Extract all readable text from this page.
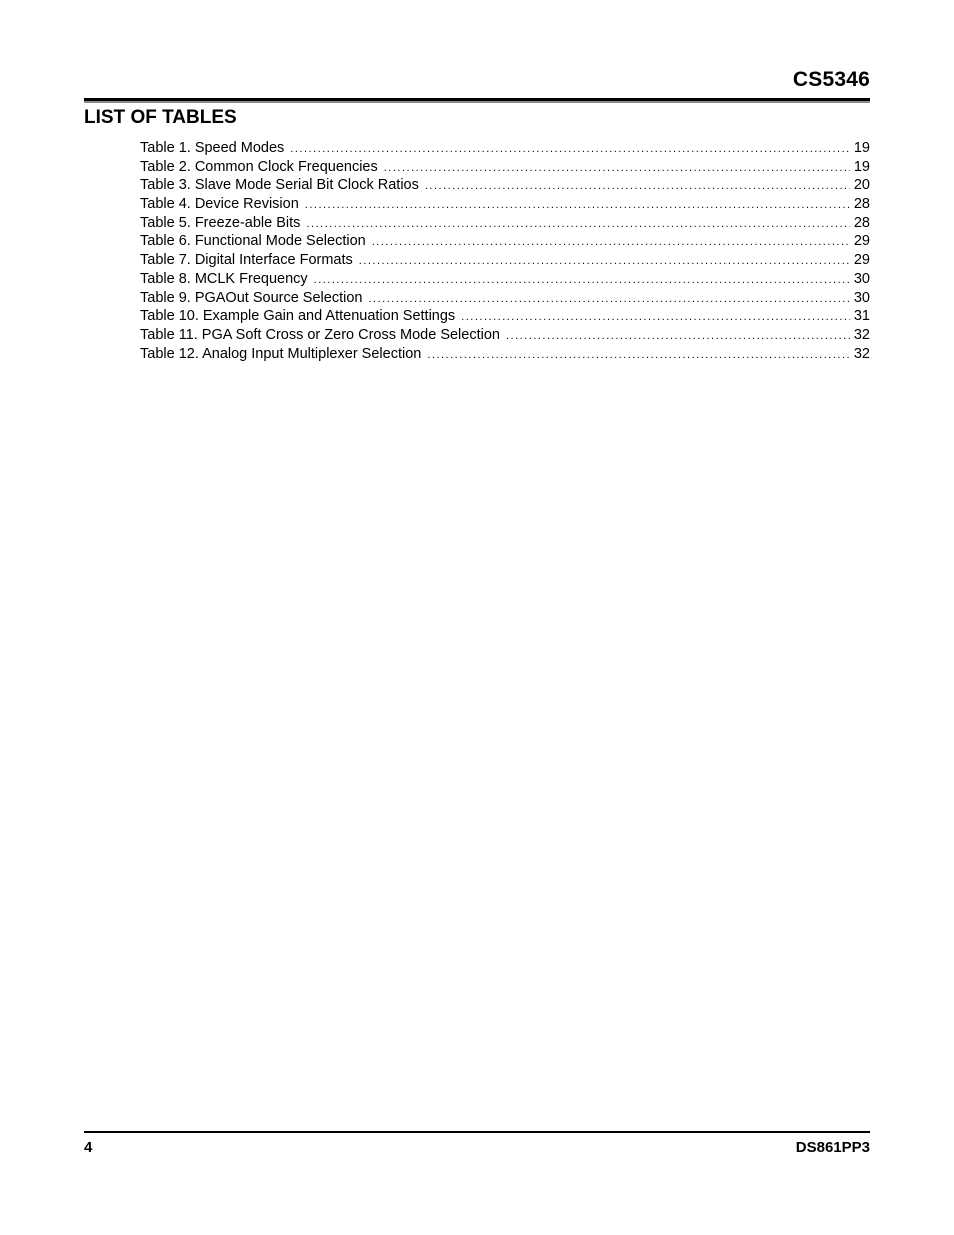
CS5346
LIST OF TABLES
Table 1. Speed Modes .....	19
Table 2. Common Clock Frequencies .....	19
Table 3. Slave Mode Serial Bit Clock Ratios .....	20
Table 4. Device Revision .....	28
Table 5. Freeze-able Bits .....	28
Table 6. Functional Mode Selection .....	29
Table 7. Digital Interface Formats .....	29
Table 8. MCLK Frequency .....	30
Table 9. PGAOut Source Selection .....	30
Table 10. Example Gain and Attenuation Settings .....	31
Table 11. PGA Soft Cross or Zero Cross Mode Selection .....	32
Table 12. Analog Input Multiplexer Selection .....	32
4	DS861PP3
